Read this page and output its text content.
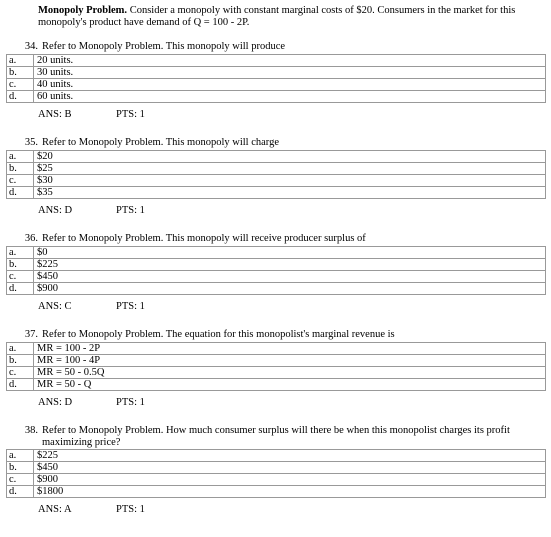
Monopoly Problem. Consider a monopoly with constant marginal costs of $20. Consumers in the market for this monopoly's product have demand of Q = 100 - 2P.
34. Refer to Monopoly Problem. This monopoly will produce
a.	20 units.
b.	30 units.
c.	40 units.
d.	60 units.
ANS: B	PTS: 1
35. Refer to Monopoly Problem. This monopoly will charge
a.	$20
b.	$25
c.	$30
d.	$35
ANS: D	PTS: 1
36. Refer to Monopoly Problem. This monopoly will receive producer surplus of
a.	$0
b.	$225
c.	$450
d.	$900
ANS: C	PTS: 1
37. Refer to Monopoly Problem. The equation for this monopolist's marginal revenue is
a.	MR = 100 - 2P
b.	MR = 100 - 4P
c.	MR = 50 - 0.5Q
d.	MR = 50 - Q
ANS: D	PTS: 1
38. Refer to Monopoly Problem. How much consumer surplus will there be when this monopolist charges its profit maximizing price?
a.	$225
b.	$450
c.	$900
d.	$1800
ANS: A	PTS: 1
